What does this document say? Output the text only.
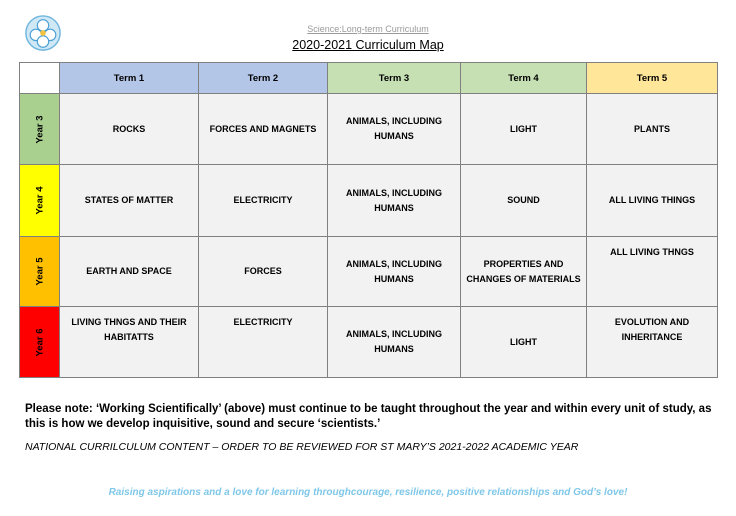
Science:Long-term Curriculum
2020-2021 Curriculum Map
	Term 1	Term 2	Term 3	Term 4	Term 5
Year 3	ROCKS	FORCES AND MAGNETS	ANIMALS, INCLUDING HUMANS	LIGHT	PLANTS
Year 4	STATES OF MATTER	ELECTRICITY	ANIMALS, INCLUDING HUMANS	SOUND	ALL LIVING THINGS
Year 5	EARTH AND SPACE	FORCES	ANIMALS, INCLUDING HUMANS	PROPERTIES AND CHANGES OF MATERIALS	ALL LIVING THNGS
Year 6	LIVING THNGS AND THEIR HABITATTS	ELECTRICITY	ANIMALS, INCLUDING HUMANS	LIGHT	EVOLUTION AND INHERITANCE
Please note: ‘Working Scientifically’ (above) must continue to be taught throughout the year and within every unit of study, as this is how we develop inquisitive, sound and secure ‘scientists.’
NATIONAL CURRILCULUM CONTENT – ORDER TO BE REVIEWED FOR ST MARY’S 2021-2022 ACADEMIC YEAR
Raising aspirations and a love for learning throughcourage, resilience, positive relationships and God’s love!
